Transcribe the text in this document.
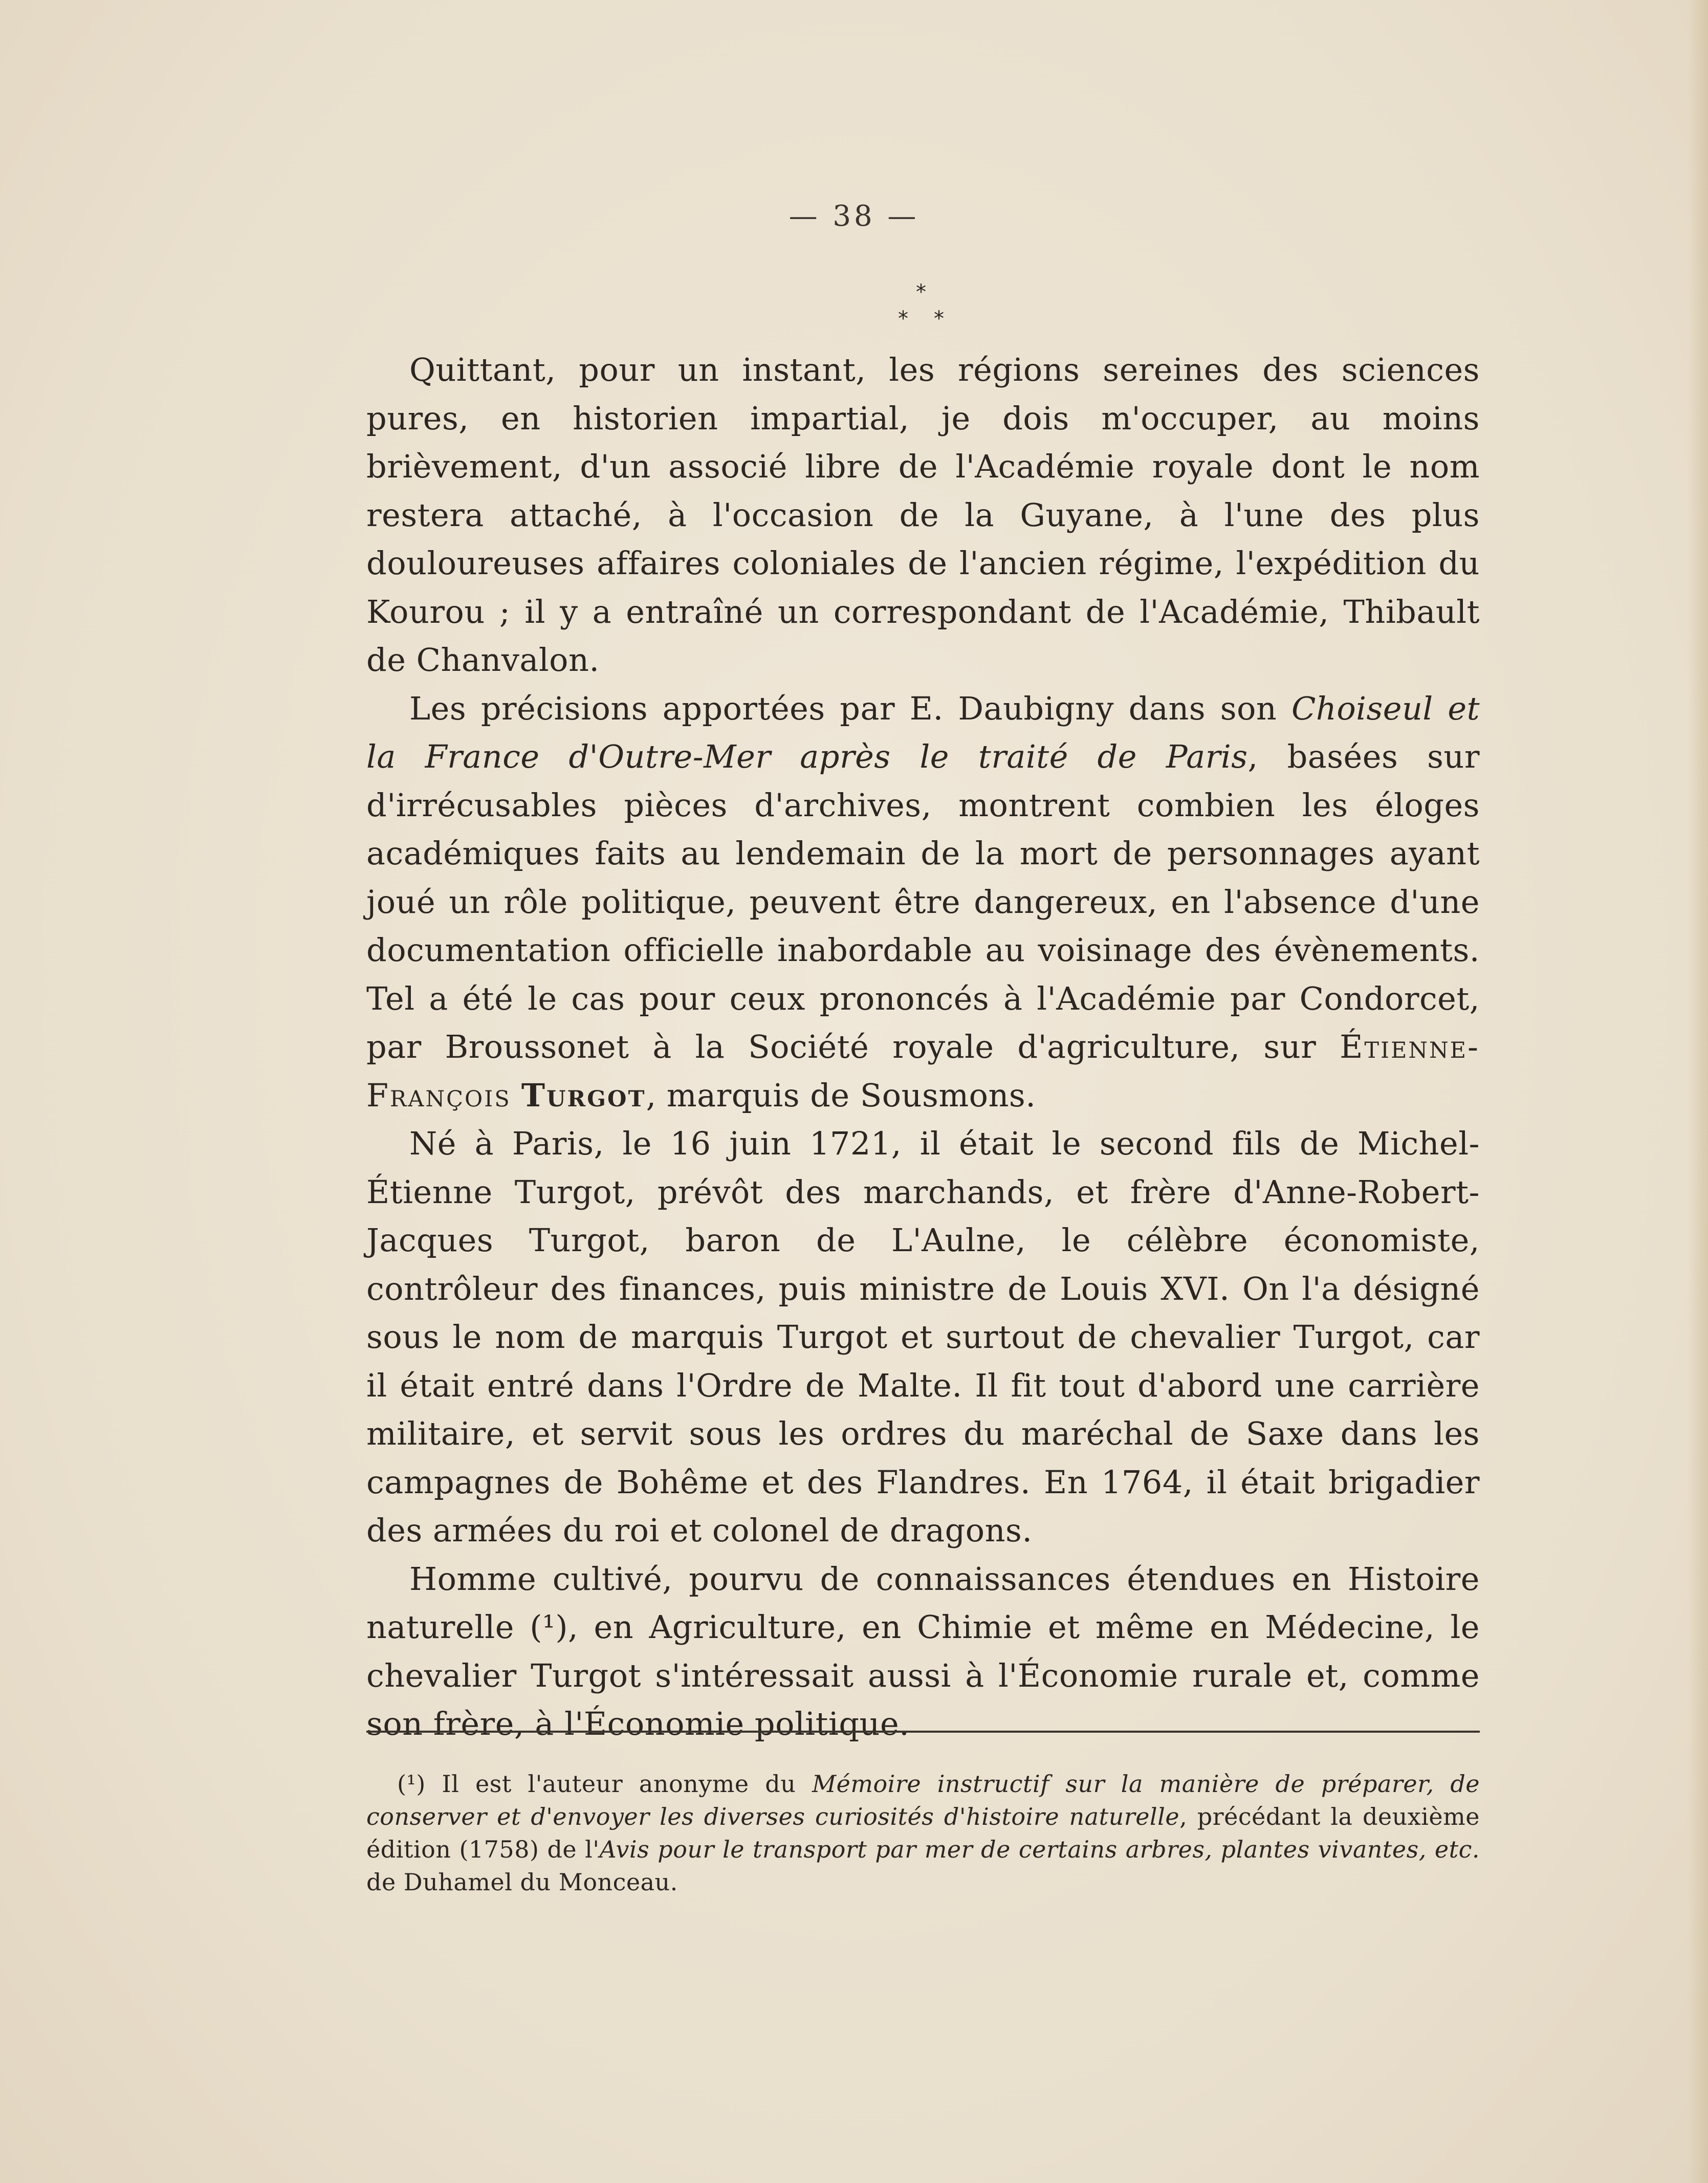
— 38 —
*
* *

Quittant, pour un instant, les régions sereines des sciences pures, en historien impartial, je dois m'occuper, au moins brièvement, d'un associé libre de l'Académie royale dont le nom restera attaché, à l'occasion de la Guyane, à l'une des plus douloureuses affaires coloniales de l'ancien régime, l'expédition du Kourou ; il y a entraîné un correspondant de l'Académie, Thibault de Chanvalon.

Les précisions apportées par E. Daubigny dans son Choiseul et la France d'Outre-Mer après le traité de Paris, basées sur d'irrécusables pièces d'archives, montrent combien les éloges académiques faits au lendemain de la mort de personnages ayant joué un rôle politique, peuvent être dangereux, en l'absence d'une documentation officielle inabordable au voisinage des évènements. Tel a été le cas pour ceux prononcés à l'Académie par Condorcet, par Broussonet à la Société royale d'agriculture, sur Étienne-François Turgot, marquis de Sousmons.

Né à Paris, le 16 juin 1721, il était le second fils de Michel-Étienne Turgot, prévôt des marchands, et frère d'Anne-Robert-Jacques Turgot, baron de L'Aulne, le célèbre économiste, contrôleur des finances, puis ministre de Louis XVI. On l'a désigné sous le nom de marquis Turgot et surtout de chevalier Turgot, car il était entré dans l'Ordre de Malte. Il fit tout d'abord une carrière militaire, et servit sous les ordres du maréchal de Saxe dans les campagnes de Bohême et des Flandres. En 1764, il était brigadier des armées du roi et colonel de dragons.

Homme cultivé, pourvu de connaissances étendues en Histoire naturelle (¹), en Agriculture, en Chimie et même en Médecine, le chevalier Turgot s'intéressait aussi à l'Économie rurale et, comme son frère, à l'Économie politique.

(¹) Il est l'auteur anonyme du Mémoire instructif sur la manière de préparer, de conserver et d'envoyer les diverses curiosités d'histoire naturelle, précédant la deuxième édition (1758) de l'Avis pour le transport par mer de certains arbres, plantes vivantes, etc. de Duhamel du Monceau.
